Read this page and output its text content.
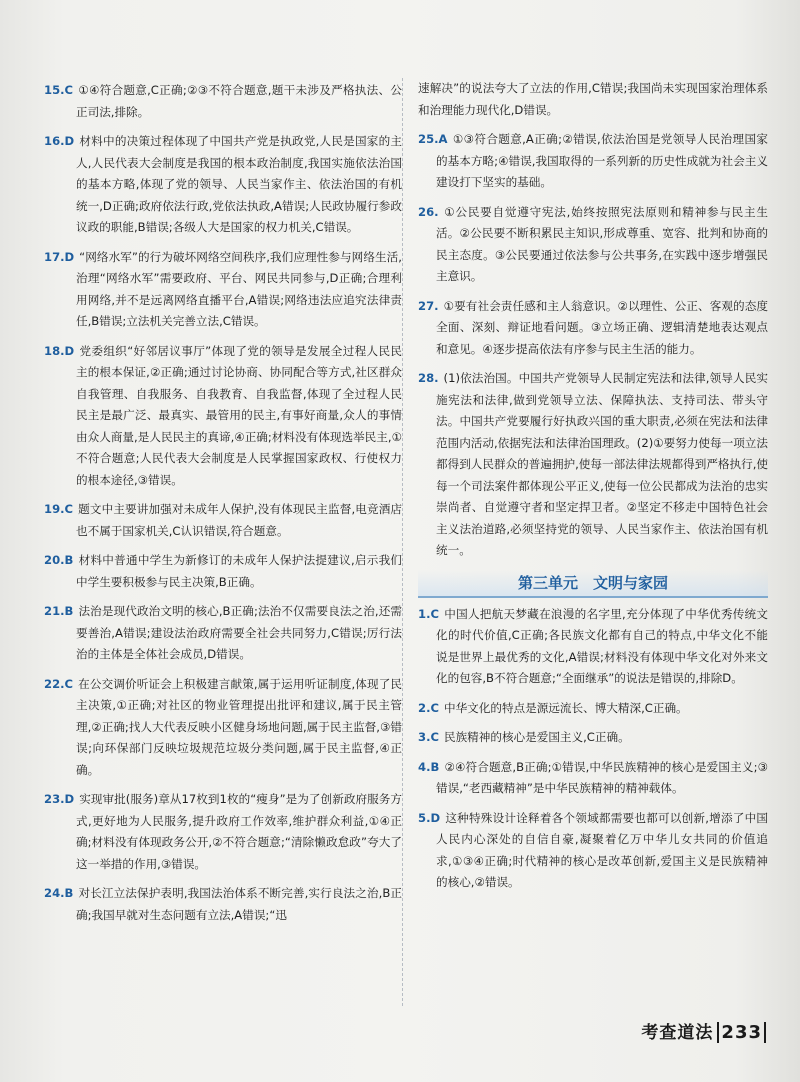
15.C ①④符合题意,C正确;②③不符合题意,题干未涉及严格执法、公正司法,排除。

16.D 材料中的决策过程体现了中国共产党是执政党,人民是国家的主人,人民代表大会制度是我国的根本政治制度,我国实施依法治国的基本方略,体现了党的领导、人民当家作主、依法治国的有机统一,D正确;政府依法行政,党依法执政,A错误;人民政协履行参政议政的职能,B错误;各级人大是国家的权力机关,C错误。

17.D “网络水军”的行为破坏网络空间秩序,我们应理性参与网络生活,治理“网络水军”需要政府、平台、网民共同参与,D正确;合理利用网络,并不是远离网络直播平台,A错误;网络违法应追究法律责任,B错误;立法机关完善立法,C错误。

18.D 党委组织“好邻居议事厅”体现了党的领导是发展全过程人民民主的根本保证,②正确;通过讨论协商、协同配合等方式,社区群众自我管理、自我服务、自我教育、自我监督,体现了全过程人民民主是最广泛、最真实、最管用的民主,有事好商量,众人的事情由众人商量,是人民民主的真谛,④正确;材料没有体现选举民主,①不符合题意;人民代表大会制度是人民掌握国家政权、行使权力的根本途径,③错误。

19.C 题文中主要讲加强对未成年人保护,没有体现民主监督,电竞酒店也不属于国家机关,C认识错误,符合题意。

20.B 材料中普通中学生为新修订的未成年人保护法提建议,启示我们中学生要积极参与民主决策,B正确。

21.B 法治是现代政治文明的核心,B正确;法治不仅需要良法之治,还需要善治,A错误;建设法治政府需要全社会共同努力,C错误;厉行法治的主体是全体社会成员,D错误。

22.C 在公交调价听证会上积极建言献策,属于运用听证制度,体现了民主决策,①正确;对社区的物业管理提出批评和建议,属于民主管理,②正确;找人大代表反映小区健身场地问题,属于民主监督,③错误;向环保部门反映垃圾规范垃圾分类问题,属于民主监督,④正确。

23.D 实现审批(服务)章从17枚到1枚的“瘦身”是为了创新政府服务方式,更好地为人民服务,提升政府工作效率,维护群众利益,①④正确;材料没有体现政务公开,②不符合题意;“清除懒政怠政”夸大了这一举措的作用,③错误。

24.B 对长江立法保护表明,我国法治体系不断完善,实行良法之治,B正确;我国早就对生态问题有立法,A错误;“迅

速解决”的说法夸大了立法的作用,C错误;我国尚未实现国家治理体系和治理能力现代化,D错误。

25.A ①③符合题意,A正确;②错误,依法治国是党领导人民治理国家的基本方略;④错误,我国取得的一系列新的历史性成就为社会主义建设打下坚实的基础。

26. ①公民要自觉遵守宪法,始终按照宪法原则和精神参与民主生活。②公民要不断积累民主知识,形成尊重、宽容、批判和协商的民主态度。③公民要通过依法参与公共事务,在实践中逐步增强民主意识。

27. ①要有社会责任感和主人翁意识。②以理性、公正、客观的态度全面、深刻、辩证地看问题。③立场正确、逻辑清楚地表达观点和意见。④逐步提高依法有序参与民主生活的能力。

28. (1)依法治国。中国共产党领导人民制定宪法和法律,领导人民实施宪法和法律,做到党领导立法、保障执法、支持司法、带头守法。中国共产党要履行好执政兴国的重大职责,必须在宪法和法律范围内活动,依据宪法和法律治国理政。(2)①要努力使每一项立法都得到人民群众的普遍拥护,使每一部法律法规都得到严格执行,使每一个司法案件都体现公平正义,使每一位公民都成为法治的忠实崇尚者、自觉遵守者和坚定捍卫者。②坚定不移走中国特色社会主义法治道路,必须坚持党的领导、人民当家作主、依法治国有机统一。

第三单元　文明与家园

1.C 中国人把航天梦藏在浪漫的名字里,充分体现了中华优秀传统文化的时代价值,C正确;各民族文化都有自己的特点,中华文化不能说是世界上最优秀的文化,A错误;材料没有体现中华文化对外来文化的包容,B不符合题意;“全面继承”的说法是错误的,排除D。

2.C 中华文化的特点是源远流长、博大精深,C正确。

3.C 民族精神的核心是爱国主义,C正确。

4.B ②④符合题意,B正确;①错误,中华民族精神的核心是爱国主义;③错误,“老西藏精神”是中华民族精神的精神载体。

5.D 这种特殊设计诠释着各个领域都需要也都可以创新,增添了中国人民内心深处的自信自豪,凝聚着亿万中华儿女共同的价值追求,①③④正确;时代精神的核心是改革创新,爱国主义是民族精神的核心,②错误。

考查道法 233
